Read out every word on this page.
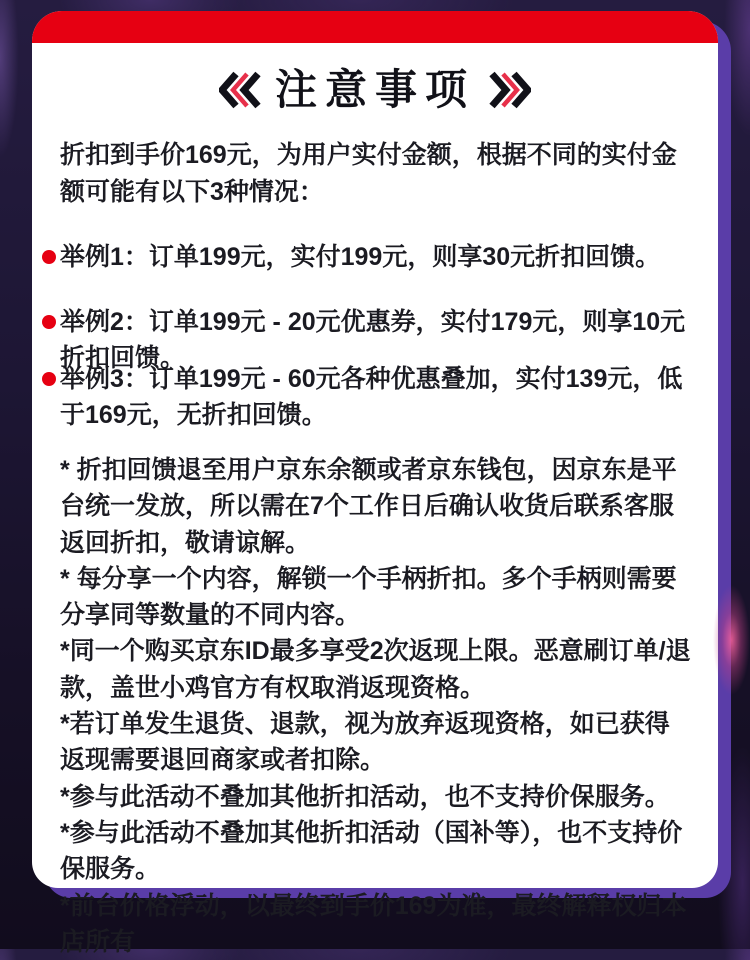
注意事项
折扣到手价169元，为用户实付金额，根据不同的实付金额可能有以下3种情况：
举例1：订单199元，实付199元，则享30元折扣回馈。
举例2：订单199元 - 20元优惠券，实付179元，则享10元折扣回馈。
举例3：订单199元 - 60元各种优惠叠加，实付139元，低于169元，无折扣回馈。

* 折扣回馈退至用户京东余额或者京东钱包，因京东是平台统一发放，所以需在7个工作日后确认收货后联系客服返回折扣，敬请谅解。

* 每分享一个内容，解锁一个手柄折扣。多个手柄则需要分享同等数量的不同内容。

*同一个购买京东ID最多享受2次返现上限。恶意刷订单/退款，盖世小鸡官方有权取消返现资格。

*若订单发生退货、退款，视为放弃返现资格，如已获得返现需要退回商家或者扣除。

*参与此活动不叠加其他折扣活动，也不支持价保服务。

*参与此活动不叠加其他折扣活动（国补等），也不支持价保服务。

*前台价格浮动，以最终到手价169为准，最终解释权归本店所有
